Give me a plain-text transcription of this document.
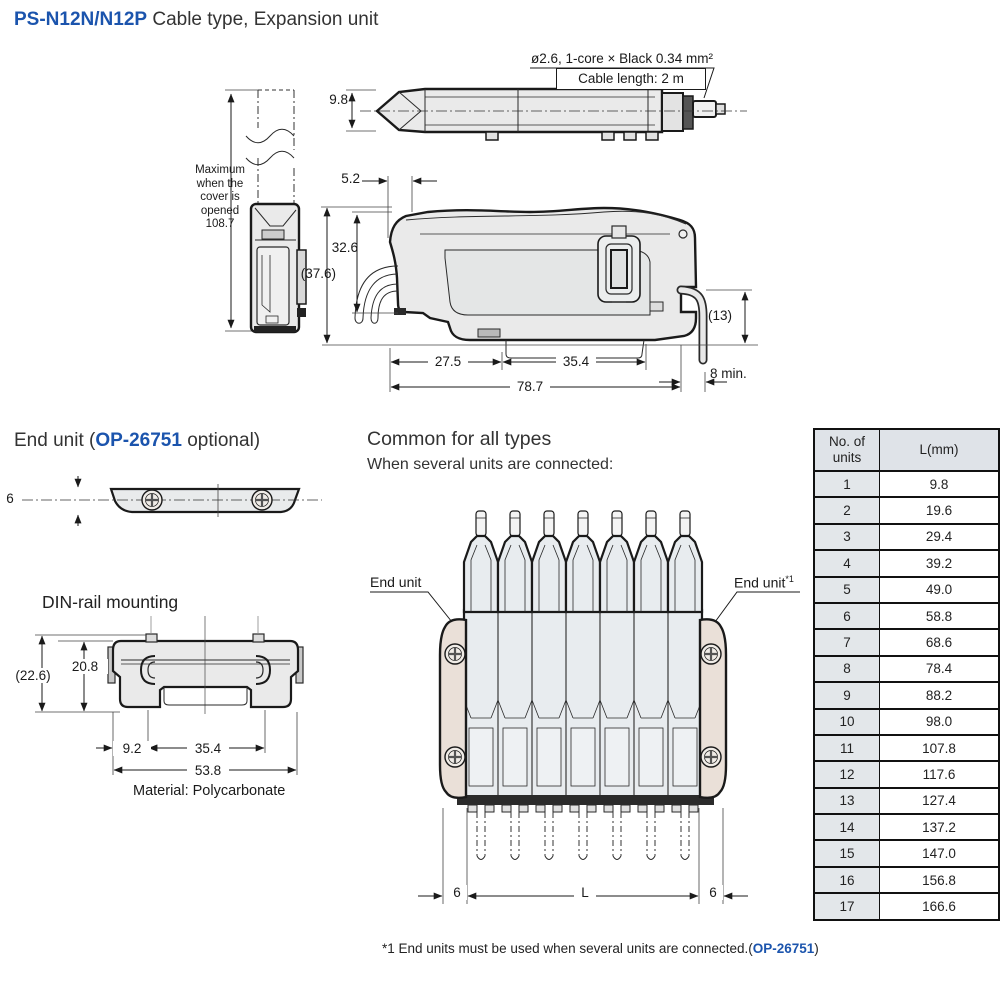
PS-N12N/N12P Cable type, Expansion unit
ø2.6, 1-core × Black 0.34 mm²
Cable length: 2 m
9.8
Maximum when the cover is opened 108.7
5.2
32.6
(37.6)
27.5	35.4
78.7
(13)
8 min.
End unit (OP-26751 optional)
6
DIN-rail mounting
(22.6)
20.8
9.2	35.4
53.8
Material: Polycarbonate
Common for all types
When several units are connected:
End unit	End unit$^{*1}$
6	L	6
No. of units	L(mm)
1	9.8
2	19.6
3	29.4
4	39.2
5	49.0
6	58.8
7	68.6
8	78.4
9	88.2
10	98.0
11	107.8
12	117.6
13	127.4
14	137.2
15	147.0
16	156.8
17	166.6
*1 End units must be used when several units are connected.(OP-26751)
